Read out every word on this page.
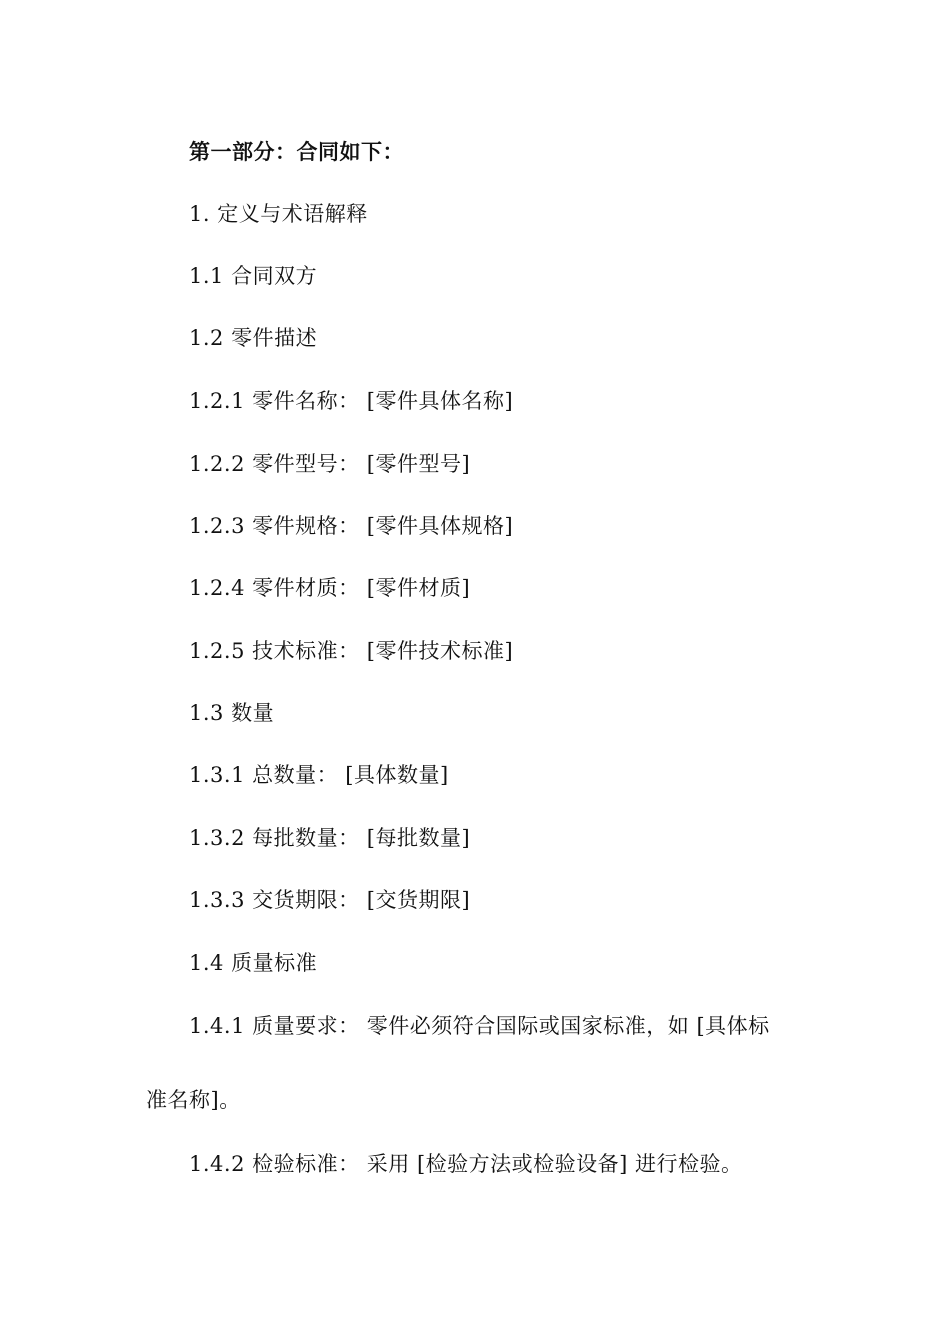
第一部分：合同如下：
1. 定义与术语解释
1.1 合同双方
1.2 零件描述
1.2.1 零件名称： [零件具体名称]
1.2.2 零件型号： [零件型号]
1.2.3 零件规格： [零件具体规格]
1.2.4 零件材质： [零件材质]
1.2.5 技术标准： [零件技术标准]
1.3 数量
1.3.1 总数量： [具体数量]
1.3.2 每批数量： [每批数量]
1.3.3 交货期限： [交货期限]
1.4 质量标准
1.4.1 质量要求： 零件必须符合国际或国家标准，如 [具体标
准名称]。
1.4.2 检验标准： 采用 [检验方法或检验设备] 进行检验。
